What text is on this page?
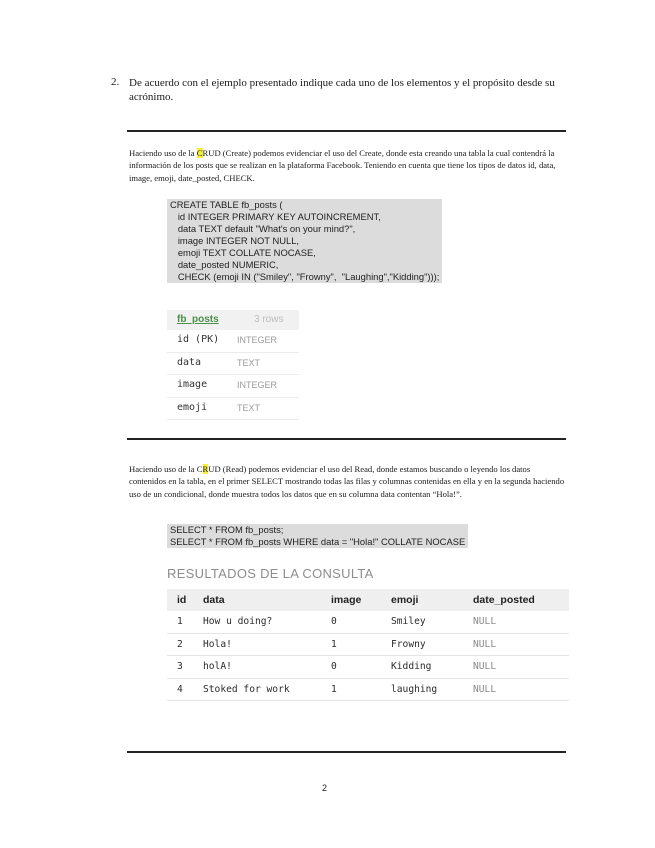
2. De acuerdo con el ejemplo presentado indique cada uno de los elementos y el propósito desde su acrónimo.
Haciendo uso de la CRUD (Create) podemos evidenciar el uso del Create, donde esta creando una tabla la cual contendrá la información de los posts que se realizan en la plataforma Facebook. Teniendo en cuenta que tiene los tipos de datos id, data, image, emoji, date_posted, CHECK.
CREATE TABLE fb_posts (
id INTEGER PRIMARY KEY AUTOINCREMENT,
data TEXT default "What's on your mind?",
image INTEGER NOT NULL,
emoji TEXT COLLATE NOCASE,
date_posted NUMERIC,
CHECK (emoji IN ("Smiley", "Frowny",  "Laughing","Kidding")));
fb_posts	3 rows
id (PK) INTEGER
data	TEXT
image	INTEGER
emoji	TEXT
Haciendo uso de la CRUD (Read) podemos evidenciar el uso del Read, donde estamos buscando o leyendo los datos contenidos en la tabla, en el primer SELECT mostrando todas las filas y columnas contenidas en ella y en la segunda haciendo uso de un condicional, donde muestra todos los datos que en su columna data contentan “Hola!”.
SELECT * FROM fb_posts;
SELECT * FROM fb_posts WHERE data = "Hola!" COLLATE NOCASE
RESULTADOS DE LA CONSULTA
id	data	image	emoji	date_posted
1	How u doing?	0	Smiley	NULL
2	Hola!	1	Frowny	NULL
3	holA!	0	Kidding	NULL
4	Stoked for work	1	laughing	NULL
2
